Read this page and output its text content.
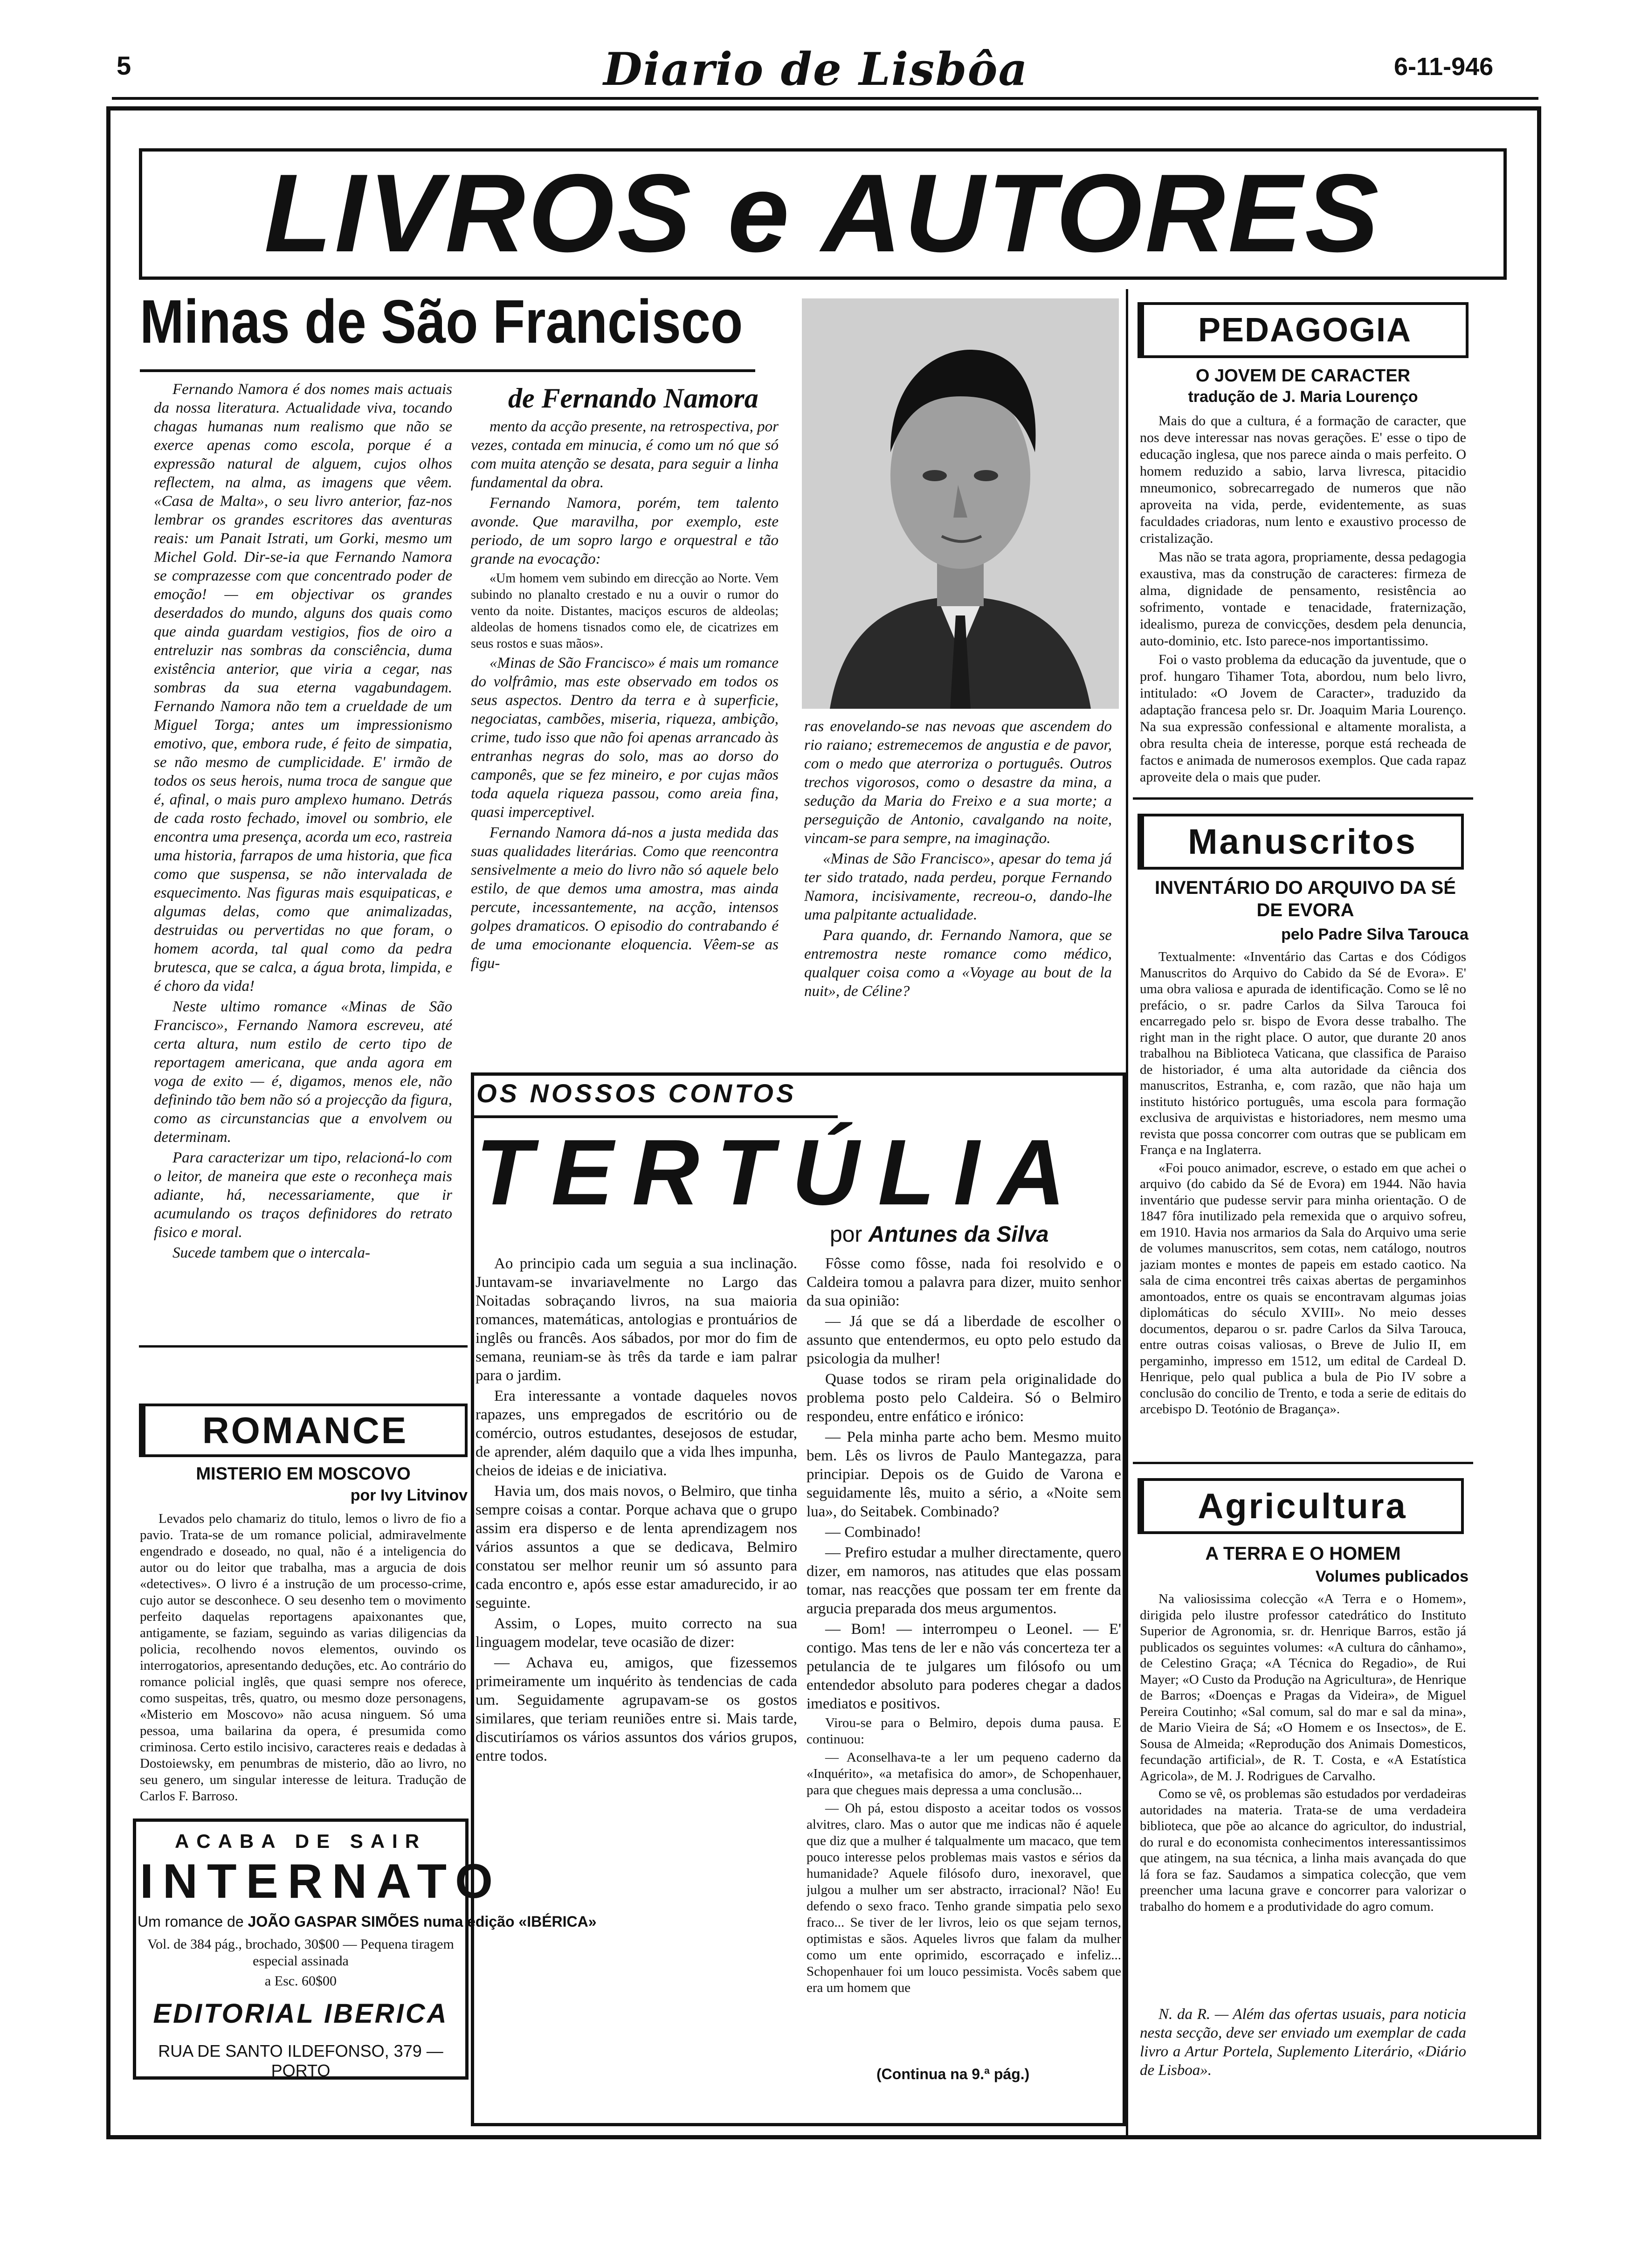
5	Diario de Lisbôa	6-11-946
LIVROS e AUTORES
Minas de São Francisco
de Fernando Namora

Fernando Namora é dos nomes mais actuais da nossa literatura. Actualidade viva, tocando chagas humanas num realismo que não se exerce apenas como escola, porque é a expressão natural de alguem, cujos olhos reflectem, na alma, as imagens que vêem. «Casa de Malta», o seu livro anterior, faz-nos lembrar os grandes escritores das aventuras reais: um Panait Istrati, um Gorki, mesmo um Michel Gold. Dir-se-ia que Fernando Namora se comprazesse com que concentrado poder de emoção! — em objectivar os grandes deserdados do mundo, alguns dos quais como que ainda guardam vestigios, fios de oiro a entreluzir nas sombras da consciência, duma existência anterior, que viria a cegar, nas sombras da sua eterna vagabundagem. Fernando Namora não tem a crueldade de um Miguel Torga; antes um impressionismo emotivo, que, embora rude, é feito de simpatia, se não mesmo de cumplicidade. E' irmão de todos os seus herois, numa troca de sangue que é, afinal, o mais puro amplexo humano. Detrás de cada rosto fechado, imovel ou sombrio, ele encontra uma presença, acorda um eco, rastreia uma historia, farrapos de uma historia, que fica como que suspensa, se não intervalada de esquecimento. Nas figuras mais esquipaticas, e algumas delas, como que animalizadas, destruidas ou pervertidas no que foram, o homem acorda, tal qual como da pedra brutesca, que se calca, a água brota, limpida, e é choro da vida!

Neste ultimo romance «Minas de São Francisco», Fernando Namora escreveu, até certa altura, num estilo de certo tipo de reportagem americana, que anda agora em voga de exito — é, digamos, menos ele, não definindo tão bem não só a projecção da figura, como as circunstancias que a envolvem ou determinam.

Para caracterizar um tipo, relacioná-lo com o leitor, de maneira que este o reconheça mais adiante, há, necessariamente, que ir acumulando os traços definidores do retrato fisico e moral.

Sucede tambem que o intercala-

mento da acção presente, na retrospectiva, por vezes, contada em minucia, é como um nó que só com muita atenção se desata, para seguir a linha fundamental da obra.

Fernando Namora, porém, tem talento avonde. Que maravilha, por exemplo, este periodo, de um sopro largo e orquestral e tão grande na evocação:

«Um homem vem subindo em direcção ao Norte. Vem subindo no planalto crestado e nu a ouvir o rumor do vento da noite. Distantes, maciços escuros de aldeolas; aldeolas de homens tisnados como ele, de cicatrizes em seus rostos e suas mãos».

«Minas de São Francisco» é mais um romance do volfrâmio, mas este observado em todos os seus aspectos. Dentro da terra e à superficie, negociatas, cambões, miseria, riqueza, ambição, crime, tudo isso que não foi apenas arrancado às entranhas negras do solo, mas ao dorso do camponês, que se fez mineiro, e por cujas mãos toda aquela riqueza passou, como areia fina, quasi imperceptivel.

Fernando Namora dá-nos a justa medida das suas qualidades literárias. Como que reencontra sensivelmente a meio do livro não só aquele belo estilo, de que demos uma amostra, mas ainda percute, incessantemente, na acção, intensos golpes dramaticos. O episodio do contrabando é de uma emocionante eloquencia. Vêem-se as figu-

ras enovelando-se nas nevoas que ascendem do rio raiano; estremecemos de angustia e de pavor, com o medo que aterroriza o português. Outros trechos vigorosos, como o desastre da mina, a sedução da Maria do Freixo e a sua morte; a perseguição de Antonio, cavalgando na noite, vincam-se para sempre, na imaginação.

«Minas de São Francisco», apesar do tema já ter sido tratado, nada perdeu, porque Fernando Namora, incisivamente, recreou-o, dando-lhe uma palpitante actualidade.

Para quando, dr. Fernando Namora, que se entremostra neste romance como médico, qualquer coisa como a «Voyage au bout de la nuit», de Céline?

ROMANCE
MISTERIO EM MOSCOVO
por Ivy Litvinov

Levados pelo chamariz do titulo, lemos o livro de fio a pavio. Trata-se de um romance policial, admiravelmente engendrado e doseado, no qual, não é a inteligencia do autor ou do leitor que trabalha, mas a argucia de dois «detectives». O livro é a instrução de um processo-crime, cujo autor se desconhece. O seu desenho tem o movimento perfeito daquelas reportagens apaixonantes que, antigamente, se faziam, seguindo as varias diligencias da policia, recolhendo novos elementos, ouvindo os interrogatorios, apresentando deduções, etc. Ao contrário do romance policial inglês, que quasi sempre nos oferece, como suspeitas, três, quatro, ou mesmo doze personagens, «Misterio em Moscovo» não acusa ninguem. Só uma pessoa, uma bailarina da opera, é presumida como criminosa. Certo estilo incisivo, caracteres reais e dedadas à Dostoiewsky, em penumbras de misterio, dão ao livro, no seu genero, um singular interesse de leitura. Tradução de Carlos F. Barroso.

OS NOSSOS CONTOS
TERTÚLIA
por Antunes da Silva

Ao principio cada um seguia a sua inclinação. Juntavam-se invariavelmente no Largo das Noitadas sobraçando livros, na sua maioria romances, matemáticas, antologias e prontuários de inglês ou francês. Aos sábados, por mor do fim de semana, reuniam-se às três da tarde e iam palrar para o jardim.

Era interessante a vontade daqueles novos rapazes, uns empregados de escritório ou de comércio, outros estudantes, desejosos de estudar, de aprender, além daquilo que a vida lhes impunha, cheios de ideias e de iniciativa.

Havia um, dos mais novos, o Belmiro, que tinha sempre coisas a contar. Porque achava que o grupo assim era disperso e de lenta aprendizagem nos vários assuntos a que se dedicava, Belmiro constatou ser melhor reunir um só assunto para cada encontro e, após esse estar amadurecido, ir ao seguinte.

Assim, o Lopes, muito correcto na sua linguagem modelar, teve ocasião de dizer:

— Achava eu, amigos, que fizessemos primeiramente um inquérito às tendencias de cada um. Seguidamente agrupavam-se os gostos similares, que teriam reuniões entre si. Mais tarde, discutiríamos os vários assuntos dos vários grupos, entre todos.

Fôsse como fôsse, nada foi resolvido e o Caldeira tomou a palavra para dizer, muito senhor da sua opinião:

— Já que se dá a liberdade de escolher o assunto que entendermos, eu opto pelo estudo da psicologia da mulher!

Quase todos se riram pela originalidade do problema posto pelo Caldeira. Só o Belmiro respondeu, entre enfático e irónico:

— Pela minha parte acho bem. Mesmo muito bem. Lês os livros de Paulo Mantegazza, para principiar. Depois os de Guido de Varona e seguidamente lês, muito a sério, a «Noite sem lua», do Seitabek. Combinado?

— Combinado!

— Prefiro estudar a mulher directamente, quero dizer, em namoros, nas atitudes que elas possam tomar, nas reacções que possam ter em frente da argucia preparada dos meus argumentos.

— Bom! — interrompeu o Leonel. — E' contigo. Mas tens de ler e não vás concerteza ter a petulancia de te julgares um filósofo ou um entendedor absoluto para poderes chegar a dados imediatos e positivos.

Virou-se para o Belmiro, depois duma pausa. E continuou:

— Aconselhava-te a ler um pequeno caderno da «Inquérito», «a metafisica do amor», de Schopenhauer, para que chegues mais depressa a uma conclusão...

— Oh pá, estou disposto a aceitar todos os vossos alvitres, claro. Mas o autor que me indicas não é aquele que diz que a mulher é talqualmente um macaco, que tem pouco interesse pelos problemas mais vastos e sérios da humanidade? Aquele filósofo duro, inexoravel, que julgou a mulher um ser abstracto, irracional? Não! Eu defendo o sexo fraco. Tenho grande simpatia pelo sexo fraco... Se tiver de ler livros, leio os que sejam ternos, optimistas e sãos. Aqueles livros que falam da mulher como um ente oprimido, escorraçado e infeliz... Schopenhauer foi um louco pessimista. Vocês sabem que era um homem que

(Continua na 9.ª pág.)
ACABA DE SAIR
INTERNATO
Um romance de JOÃO GASPAR SIMÕES numa edição «IBÉRICA»
Vol. de 384 pág., brochado, 30$00 — Pequena tiragem especial assinada
a Esc. 60$00
EDITORIAL IBERICA
RUA DE SANTO ILDEFONSO, 379 — PORTO
PEDAGOGIA
O JOVEM DE CARACTER
tradução de J. Maria Lourenço

Mais do que a cultura, é a formação de caracter, que nos deve interessar nas novas gerações. E' esse o tipo de educação inglesa, que nos parece ainda o mais perfeito. O homem reduzido a sabio, larva livresca, pitacidio mneumonico, sobrecarregado de numeros que não aproveita na vida, perde, evidentemente, as suas faculdades criadoras, num lento e exaustivo processo de cristalização.

Mas não se trata agora, propriamente, dessa pedagogia exaustiva, mas da construção de caracteres: firmeza de alma, dignidade de pensamento, resistência ao sofrimento, vontade e tenacidade, fraternização, idealismo, pureza de convicções, desdem pela denuncia, auto-dominio, etc. Isto parece-nos importantissimo.

Foi o vasto problema da educação da juventude, que o prof. hungaro Tihamer Tota, abordou, num belo livro, intitulado: «O Jovem de Caracter», traduzido da adaptação francesa pelo sr. Dr. Joaquim Maria Lourenço. Na sua expressão confessional e altamente moralista, a obra resulta cheia de interesse, porque está recheada de factos e animada de numerosos exemplos. Que cada rapaz aproveite dela o mais que puder.

Manuscritos
INVENTÁRIO DO ARQUIVO DA SÉ DE EVORA
pelo Padre Silva Tarouca

Textualmente: «Inventário das Cartas e dos Códigos Manuscritos do Arquivo do Cabido da Sé de Evora». E' uma obra valiosa e apurada de identificação. Como se lê no prefácio, o sr. padre Carlos da Silva Tarouca foi encarregado pelo sr. bispo de Evora desse trabalho. The right man in the right place. O autor, que durante 20 anos trabalhou na Biblioteca Vaticana, que classifica de Paraiso de historiador, é uma alta autoridade da ciência dos manuscritos, Estranha, e, com razão, que não haja um instituto histórico português, uma escola para formação exclusiva de arquivistas e historiadores, nem mesmo uma revista que possa concorrer com outras que se publicam em França e na Inglaterra.

«Foi pouco animador, escreve, o estado em que achei o arquivo (do cabido da Sé de Evora) em 1944. Não havia inventário que pudesse servir para minha orientação. O de 1847 fôra inutilizado pela remexida que o arquivo sofreu, em 1910. Havia nos armarios da Sala do Arquivo uma serie de volumes manuscritos, sem cotas, nem catálogo, noutros jaziam montes e montes de papeis em estado caotico. Na sala de cima encontrei três caixas abertas de pergaminhos amontoados, entre os quais se encontravam algumas joias diplomáticas do século XVIII». No meio desses documentos, deparou o sr. padre Carlos da Silva Tarouca, entre outras coisas valiosas, o Breve de Julio II, em pergaminho, impresso em 1512, um edital de Cardeal D. Henrique, pelo qual publica a bula de Pio IV sobre a conclusão do concilio de Trento, e toda a serie de editais do arcebispo D. Teotónio de Bragança».

Agricultura
A TERRA E O HOMEM
Volumes publicados

Na valiosissima colecção «A Terra e o Homem», dirigida pelo ilustre professor catedrático do Instituto Superior de Agronomia, sr. dr. Henrique Barros, estão já publicados os seguintes volumes: «A cultura do cânhamo», de Celestino Graça; «A Técnica do Regadio», de Rui Mayer; «O Custo da Produção na Agricultura», de Henrique de Barros; «Doenças e Pragas da Videira», de Miguel Pereira Coutinho; «Sal comum, sal do mar e sal da mina», de Mario Vieira de Sá; «O Homem e os Insectos», de E. Sousa de Almeida; «Reprodução dos Animais Domesticos, fecundação artificial», de R. T. Costa, e «A Estatística Agricola», de M. J. Rodrigues de Carvalho.

Como se vê, os problemas são estudados por verdadeiras autoridades na materia. Trata-se de uma verdadeira biblioteca, que põe ao alcance do agricultor, do industrial, do rural e do economista conhecimentos interessantissimos que atingem, na sua técnica, a linha mais avançada do que lá fora se faz. Saudamos a simpatica colecção, que vem preencher uma lacuna grave e concorrer para valorizar o trabalho do homem e a produtividade do agro comum.

N. da R. — Além das ofertas usuais, para noticia nesta secção, deve ser enviado um exemplar de cada livro a Artur Portela, Suplemento Literário, «Diário de Lisboa».
